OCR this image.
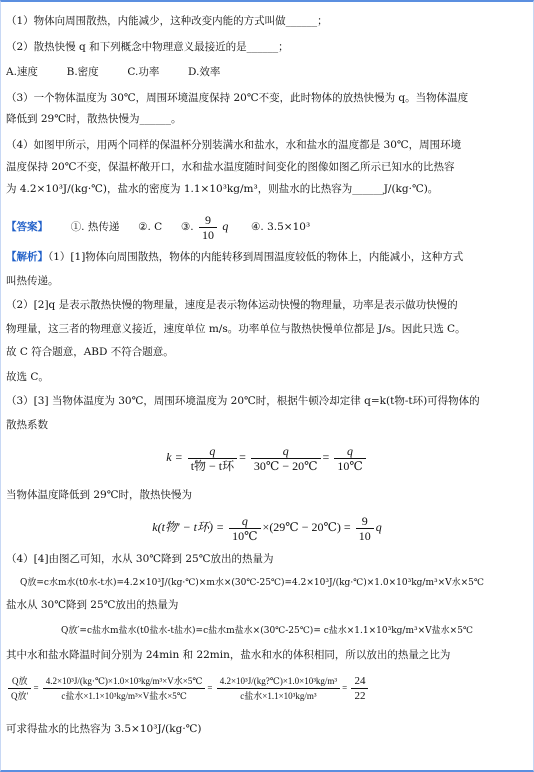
（1）物体向周围散热，内能减少，这种改变内能的方式叫做______；
（2）散热快慢 q 和下列概念中物理意义最接近的是______；
A.速度	B.密度	C.功率	D.效率
（3）一个物体温度为 30℃，周围环境温度保持 20℃不变，此时物体的放热快慢为 q。当物体温度
降低到 29℃时，散热快慢为______。
（4）如图甲所示，用两个同样的保温杯分别装满水和盐水，水和盐水的温度都是 30℃，周围环境
温度保持 20℃不变，保温杯敞开口，水和盐水温度随时间变化的图像如图乙所示已知水的比热容
为 4.2×10³J/(kg·℃)，盐水的密度为 1.1×10³kg/m³，则盐水的比热容为______J/(kg·℃)。
【答案】 ①. 热传递 ②. C ③. $\frac{9}{10}$ q ④. 3.5×10³
【解析】（1）[1]物体向周围散热，物体的内能转移到周围温度较低的物体上，内能减小，这种方式
叫热传递。
（2）[2]q 是表示散热快慢的物理量，速度是表示物体运动快慢的物理量，功率是表示做功快慢的
物理量，这三者的物理意义接近，速度单位 m/s。功率单位与散热快慢单位都是 J/s。因此只选 C。
故 C 符合题意，ABD 不符合题意。
故选 C。
（3）[3] 当物体温度为 30℃，周围环境温度为 20℃时，根据牛顿冷却定律 q=k(t物-t环)可得物体的
散热系数
$k = \frac{q}{\text{t物 − t环}} = \frac{q}{30℃ - 20℃} = \frac{q}{10℃}$
当物体温度降低到 29℃时，散热快慢为
k(t物′ − t环) = $\frac{q}{10℃}$ ×(29℃ − 20℃) = $\frac{9}{10}$ q
（4）[4]由图乙可知，水从 30℃降到 25℃放出的热量为
Q放=c水m水(t0水-t水)=4.2×10³J/(kg·℃)×m水×(30℃-25℃)=4.2×10³J/(kg·℃)×1.0×10³kg/m³×V水×5℃
盐水从 30℃降到 25℃放出的热量为
Q放′=c盐水m盐水(t0盐水-t盐水)=c盐水m盐水×(30℃-25℃)= c盐水×1.1×10³kg/m³×V盐水×5℃
其中水和盐水降温时间分别为 24min 和 22min，盐水和水的体积相同，所以放出的热量之比为
$\frac{\text{Q放}}{\text{Q放′}} = \frac{\text{4.2×10³J/(kg·℃)×1.0×10³kg/m³×V水×5℃}}{\text{c盐水×1.1×10³kg/m³×V盐水×5℃}} = \frac{\text{4.2×10³J/(kg?℃)×1.0×10³kg/m³}}{\text{c盐水×1.1×10³kg/m³}} = \frac{24}{22}$
可求得盐水的比热容为 3.5×10³J/(kg·℃)
